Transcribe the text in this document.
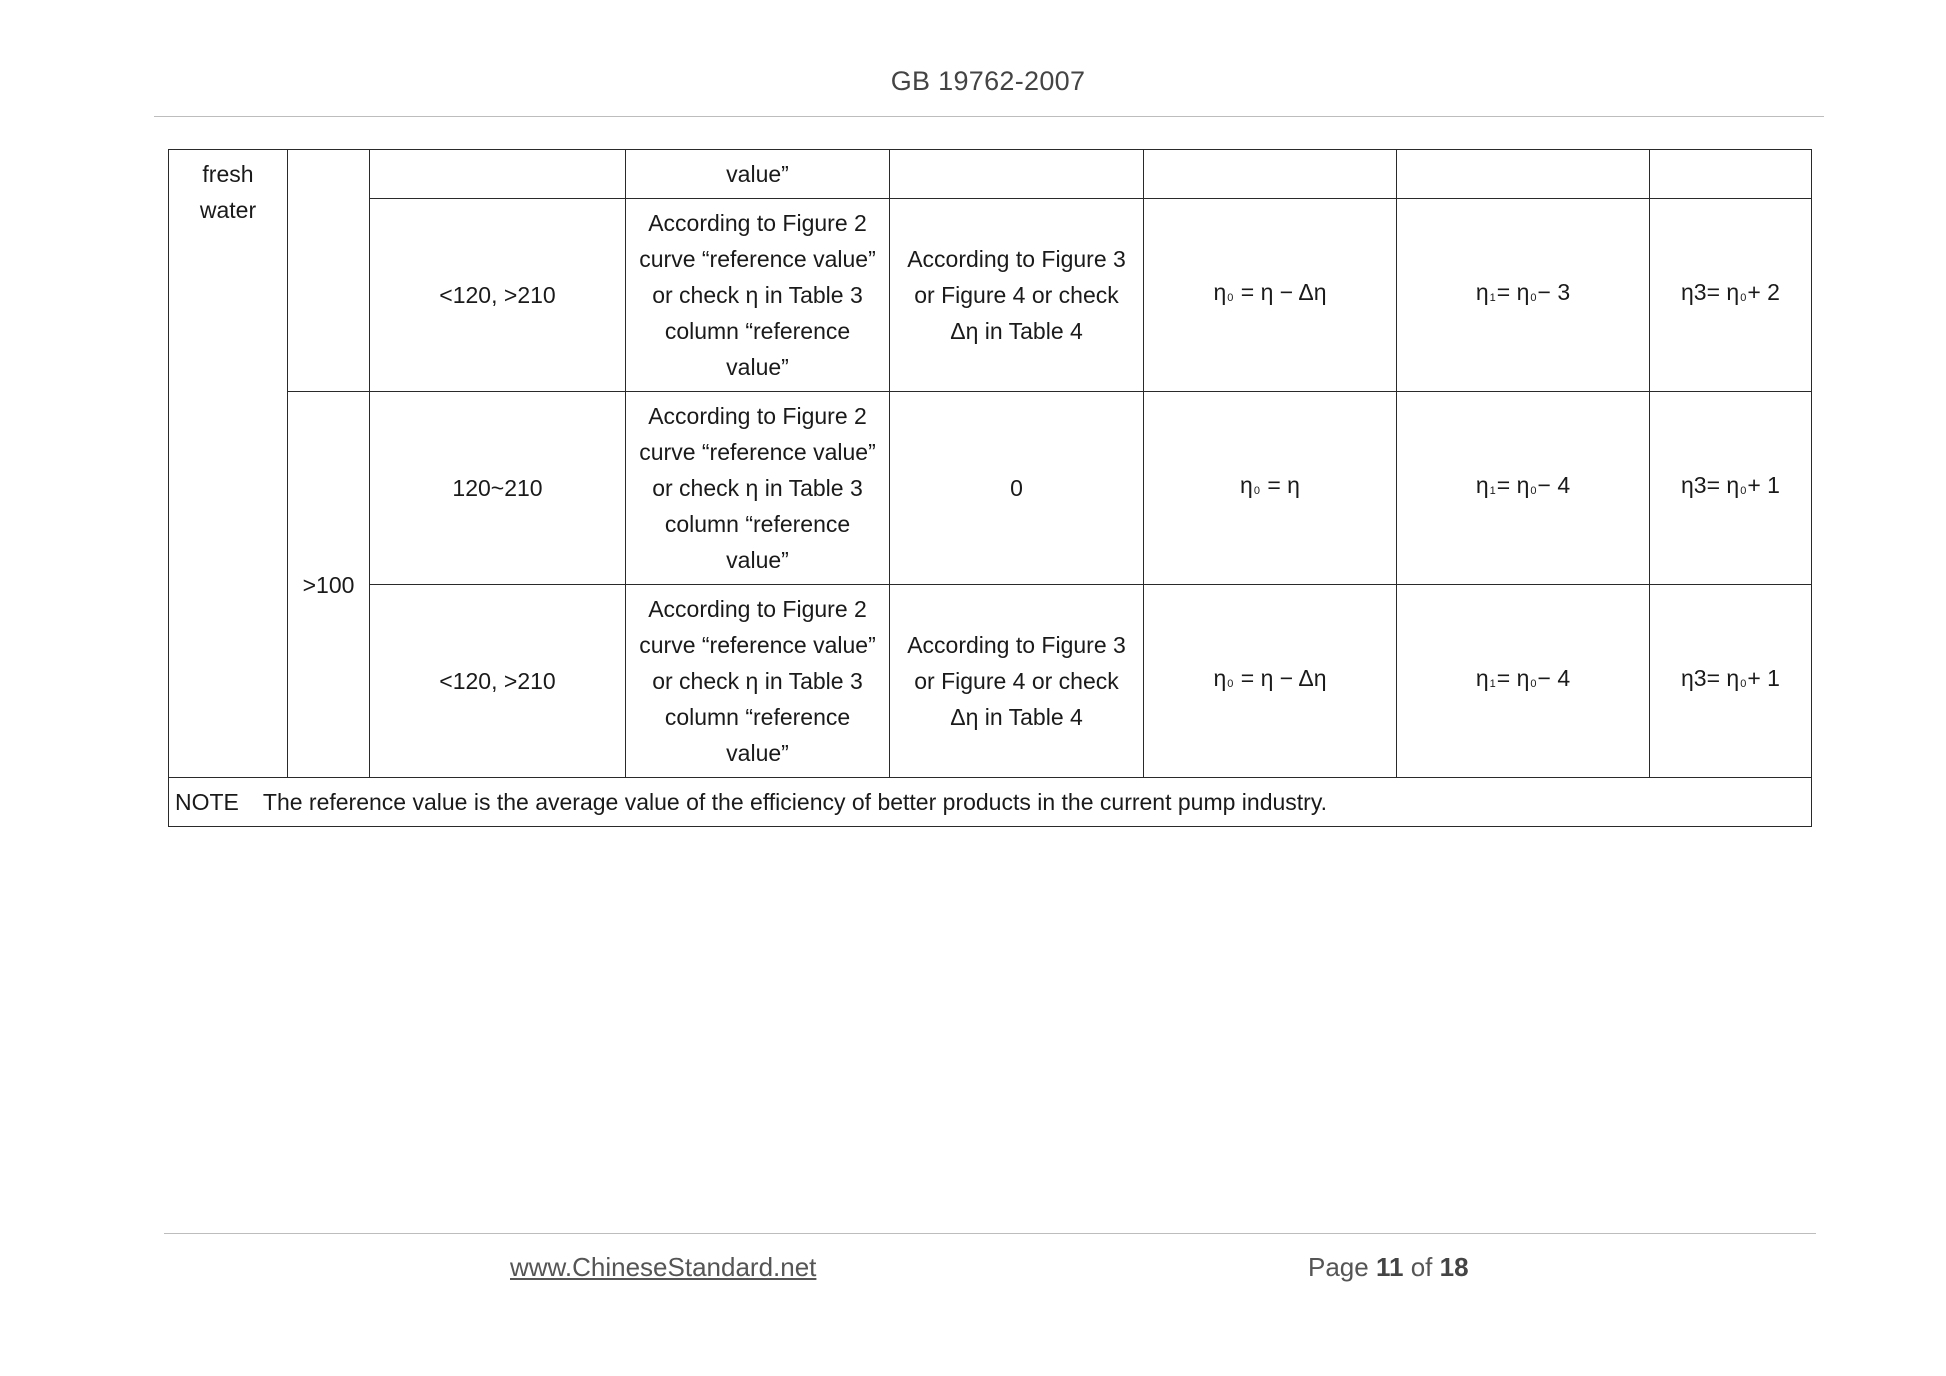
GB 19762-2007
fresh water			value”				
		<120, >210	According to Figure 2 curve “reference value” or check η in Table 3 column “reference value”	According to Figure 3 or Figure 4 or check Δη in Table 4	η0 = η − Δη	η1= η0− 3	η3= η0+ 2
	>100	120~210	According to Figure 2 curve “reference value” or check η in Table 3 column “reference value”	0	η0 = η	η1= η0− 4	η3= η0+ 1
		<120, >210	According to Figure 2 curve “reference value” or check η in Table 3 column “reference value”	According to Figure 3 or Figure 4 or check Δη in Table 4	η0 = η − Δη	η1= η0− 4	η3= η0+ 1
NOTE The reference value is the average value of the efficiency of better products in the current pump industry.							
www.ChineseStandard.net	Page 11 of 18
